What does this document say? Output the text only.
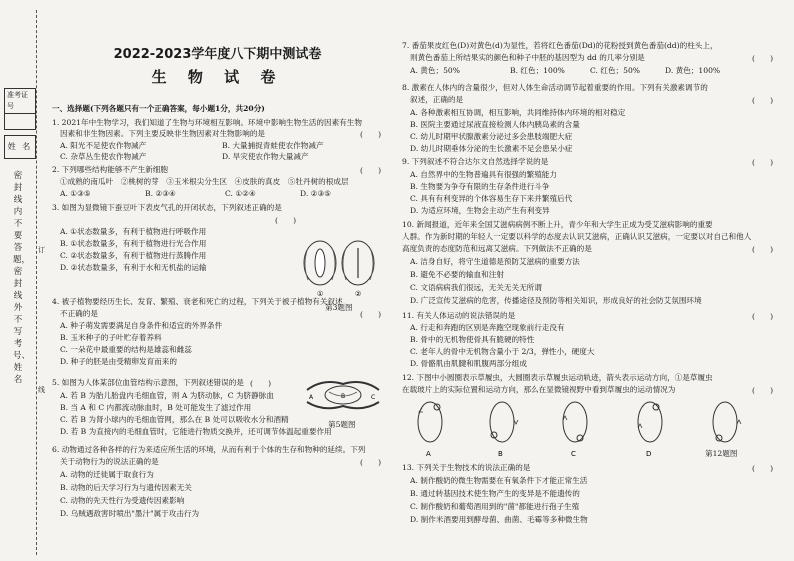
准考证号
姓 名
密封线内不要答题，密封线外不写考号、姓名
订
线
2022-2023学年度八下期中测试卷
生 物 试 卷
一、选择题(下列各题只有一个正确答案，每小题1分，共20分)
1. 2021年中生物学习，我们知道了生物与环境相互影响。环境中影响生物生活的因素有生物
因素和非生物因素。下列主要反映非生物因素对生物影响的是	(　　)
A. 阳光不足使农作物减产	B. 大量捕捉青蛙使农作物减产
C. 杂草丛生使农作物减产	D. 旱灾使农作物大量减产
2. 下列哪些结构能够不产生新细胞	(　　)
①成熟的南瓜叶　②桃树的芽　③玉米根尖分生区　④皮肤的真皮　⑤牡丹树的根成层
A. ①③⑤	B. ②③④	C. ①②④	D. ②③⑤
3. 如图为显微镜下蚕豆叶下表皮气孔的开闭状态，下列叙述正确的是
(　　)
A. ①状态数量多，有利于植物进行呼吸作用
B. ①状态数量多，有利于植物进行光合作用
C. ②状态数量多，有利于植物进行蒸腾作用
D. ②状态数量多，有利于水和无机盐的运输
①	②
第3题图
4. 被子植物要经历生长、发育、繁殖、衰老和死亡的过程，下列关于被子植物有关叙述
不正确的是	(　　)
A. 种子萌发需要满足自身条件和适宜的外界条件
B. 玉米种子的子叶贮存着养料
C. 一朵花中最重要的结构是雄蕊和雌蕊
D. 种子的胚是由受精卵发育而来的
5. 如图为人体某部位血管结构示意图，下列叙述错误的是 (　　)
A. 若 B 为胎儿胎盘内毛细血管，则 A 为脐动脉，C 为脐静脉血
B. 当 A 和 C 内都流动脉血时，B 处可能发生了滤过作用
C. 若 B 为肾小球内的毛细血管网，那么在 B 处可以吸收水分和酒精
D. 若 B 为直接内的毛细血管时，它能进行物质交换并，还可调节体温起重要作用
A	B	C
第5题图
6. 动物通过各种各样的行为来适应所生活的环境，从而有利于个体的生存和物种的延续。下列
关于动物行为的说法正确的是	(　　)
A. 动物的迁徙属于取食行为
B. 动物的后天学习行为与遗传因素无关
C. 动物的先天性行为受遗传因素影响
D. 乌贼遇敌害时喷出"墨汁"属于攻击行为
7. 番茄果皮红色(D)对黄色(d)为显性，若将红色番茄(Dd)的花粉授到黄色番茄(dd)的柱头上，
则黄色番茄上所结果实的颜色和种子中胚的基因型为 dd 的几率分别是	(　　)
A. 黄色；50%	B. 红色；100%	C. 红色；50%	D. 黄色；100%
8. 激素在人体内的含量很少，但对人体生命活动调节起着重要的作用。下列有关激素调节的
叙述，正确的是	(　　)
A. 各种激素相互协调，相互影响，共同维持体内环境的相对稳定
B. 医院主要通过尿液直接检测人体内胰岛素的含量
C. 幼儿时期甲状腺激素分泌过多会患肢端肥大症
D. 幼儿时期垂体分泌的生长激素不足会患呆小症
9. 下列叙述不符合达尔文自然选择学说的是	(　　)
A. 自然界中的生物普遍具有很强的繁殖能力
B. 生物要为争夺有限的生存条件进行斗争
C. 具有有利变异的个体容易生存下来并繁殖后代
D. 为适应环境，生物会主动产生有利变异
10. 新闻报道，近年来全国艾滋病病例不断上升，青少年和大学生正成为受艾滋病影响的重要
人群。作为新时期的年轻人一定要以科学的态度去认识艾滋病，正确认识艾滋病，一定要以对自己和他人
高度负责的态度防范和远离艾滋病。下列做法不正确的是	(　　)
A. 洁身自好，将守生道德是预防艾滋病的重要方法
B. 避免不必要的输血和注射
C. 文语病病我们很远，无关无关无所谓
D. 广泛宣传艾滋病的危害，传播途径及预防等相关知识，形成良好的社会防艾氛围环境
11. 有关人体运动的说法错误的是	(　　)
A. 行走和奔跑的区别是奔跑空现象前行走没有
B. 骨中的无机物使骨具有脆硬的特性
C. 老年人的骨中无机物含量小于 2/3，弹性小，硬度大
D. 骨骼肌由肌腱和肌腹两部分组成
12. 下图中小圆圈表示草履虫，大圆圈表示草履虫运动轨迹，箭头表示运动方向，①是草履虫
在载玻片上的实际位置和运动方向，那么在显微镜视野中看到草履虫的运动情况为	(　　)
A	B	C	D	第12题图
13. 下列关于生物技术的说法正确的是	(　　)
A. 制作酸奶的微生物需要在有氧条件下才能正常生活
B. 通过转基因技术使生物产生的变异是不能遗传的
C. 制作酸奶和葡萄酒用到的"菌"都能进行孢子生殖
D. 制作米酒要用到酵母菌、曲菌、毛霉等多种微生物
